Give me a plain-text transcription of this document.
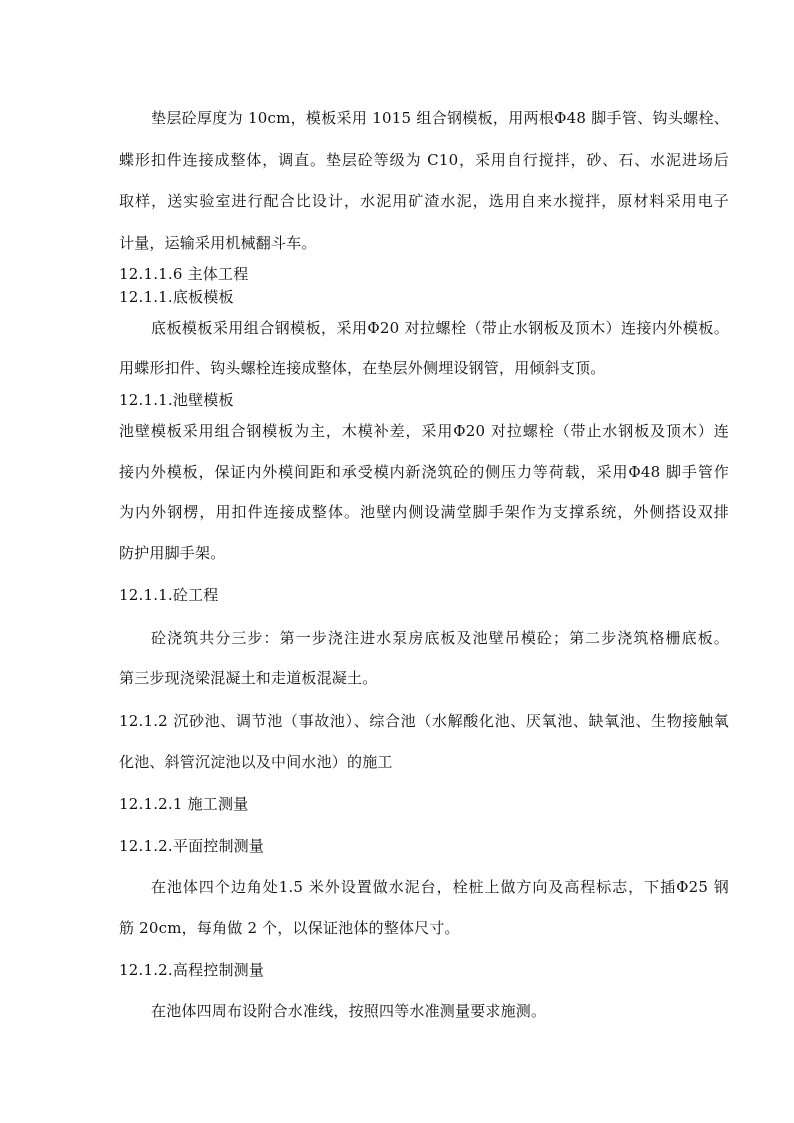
垫层砼厚度为 10cm，模板采用 1015 组合钢模板，用两根Φ48 脚手管、钩头螺栓、
蝶形扣件连接成整体，调直。垫层砼等级为 C10，采用自行搅拌，砂、石、水泥进场后
取样，送实验室进行配合比设计，水泥用矿渣水泥，选用自来水搅拌，原材料采用电子
计量，运输采用机械翻斗车。
12.1.1.6 主体工程
12.1.1.底板模板
底板模板采用组合钢模板，采用Φ20 对拉螺栓（带止水钢板及顶木）连接内外模板。
用蝶形扣件、钩头螺栓连接成整体，在垫层外侧埋设钢管，用倾斜支顶。
12.1.1.池壁模板
池壁模板采用组合钢模板为主，木模补差，采用Φ20 对拉螺栓（带止水钢板及顶木）连
接内外模板，保证内外模间距和承受模内新浇筑砼的侧压力等荷载，采用Φ48 脚手管作
为内外钢楞，用扣件连接成整体。池壁内侧设满堂脚手架作为支撑系统，外侧搭设双排
防护用脚手架。
12.1.1.砼工程
砼浇筑共分三步：第一步浇注进水泵房底板及池壁吊模砼；第二步浇筑格栅底板。
第三步现浇梁混凝土和走道板混凝土。
12.1.2 沉砂池、调节池（事故池）、综合池（水解酸化池、厌氧池、缺氧池、生物接触氧
化池、斜管沉淀池以及中间水池）的施工
12.1.2.1 施工测量
12.1.2.平面控制测量
在池体四个边角处1.5 米外设置做水泥台，栓桩上做方向及高程标志，下插Φ25 钢
筋 20cm，每角做 2 个，以保证池体的整体尺寸。
12.1.2.高程控制测量
在池体四周布设附合水准线，按照四等水准测量要求施测。
